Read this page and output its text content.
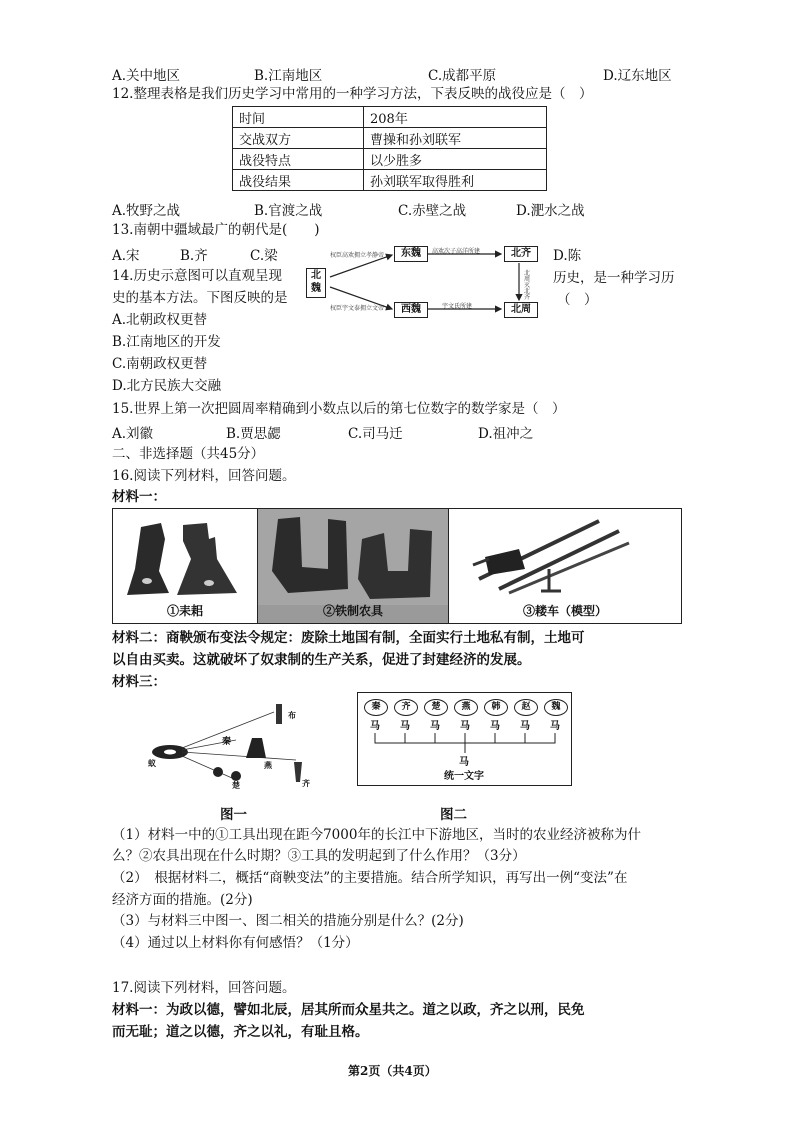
A.关中地区	B.江南地区	C.成都平原	D.辽东地区
12.整理表格是我们历史学习中常用的一种学习方法，下表反映的战役应是（　）
时间	208年
交战双方	曹操和孙刘联军
战役特点	以少胜多
战役结果	孙刘联军取得胜利
A.牧野之战	B.官渡之战	C.赤壁之战	D.淝水之战
13.南朝中疆域最广的朝代是(　　)
A.宋	B.齐	C.梁	D.陈
14.历史示意图可以直观呈现	历史，是一种学习历
史的基本方法。下图反映的是	（　）
北魏
东魏
西魏
北齐
北周
权臣高欢拥立孝静帝
权臣宇文泰拥立文帝
高欢次子高洋所建
宇文氏所建
北周灭北齐
A.北朝政权更替
B.江南地区的开发
C.南朝政权更替
D.北方民族大交融
15.世界上第一次把圆周率精确到小数点以后的第七位数字的数学家是（　）
A.刘徽	B.贾思勰	C.司马迁	D.祖冲之
二、非选择题（共45分）
16.阅读下列材料，回答问题。
材料一：
①耒耜	②铁制农具	③耧车（模型）
材料二：商鞅颁布变法令规定：废除土地国有制，全面实行土地私有制，土地可
以自由买卖。这就破坏了奴隶制的生产关系，促进了封建经济的发展。
材料三：
蚁
秦
楚
布
燕
齐
秦	齐	楚	燕	韩	赵	魏
马 马 马 马 马 马 马
马
统一文字
图一	图二
（1）材料一中的①工具出现在距今7000年的长江中下游地区，当时的农业经济被称为什
么？②农具出现在什么时期？③工具的发明起到了什么作用？（3分）
（2）　根据材料二，概括“商鞅变法”的主要措施。结合所学知识，再写出一例“变法”在
经济方面的措施。(2分)
（3）与材料三中图一、图二相关的措施分别是什么？(2分)
（4）通过以上材料你有何感悟？（1分）
17.阅读下列材料，回答问题。
材料一：为政以德，譬如北辰，居其所而众星共之。道之以政，齐之以刑，民免
而无耻；道之以德，齐之以礼，有耻且格。
第2页（共4页）
